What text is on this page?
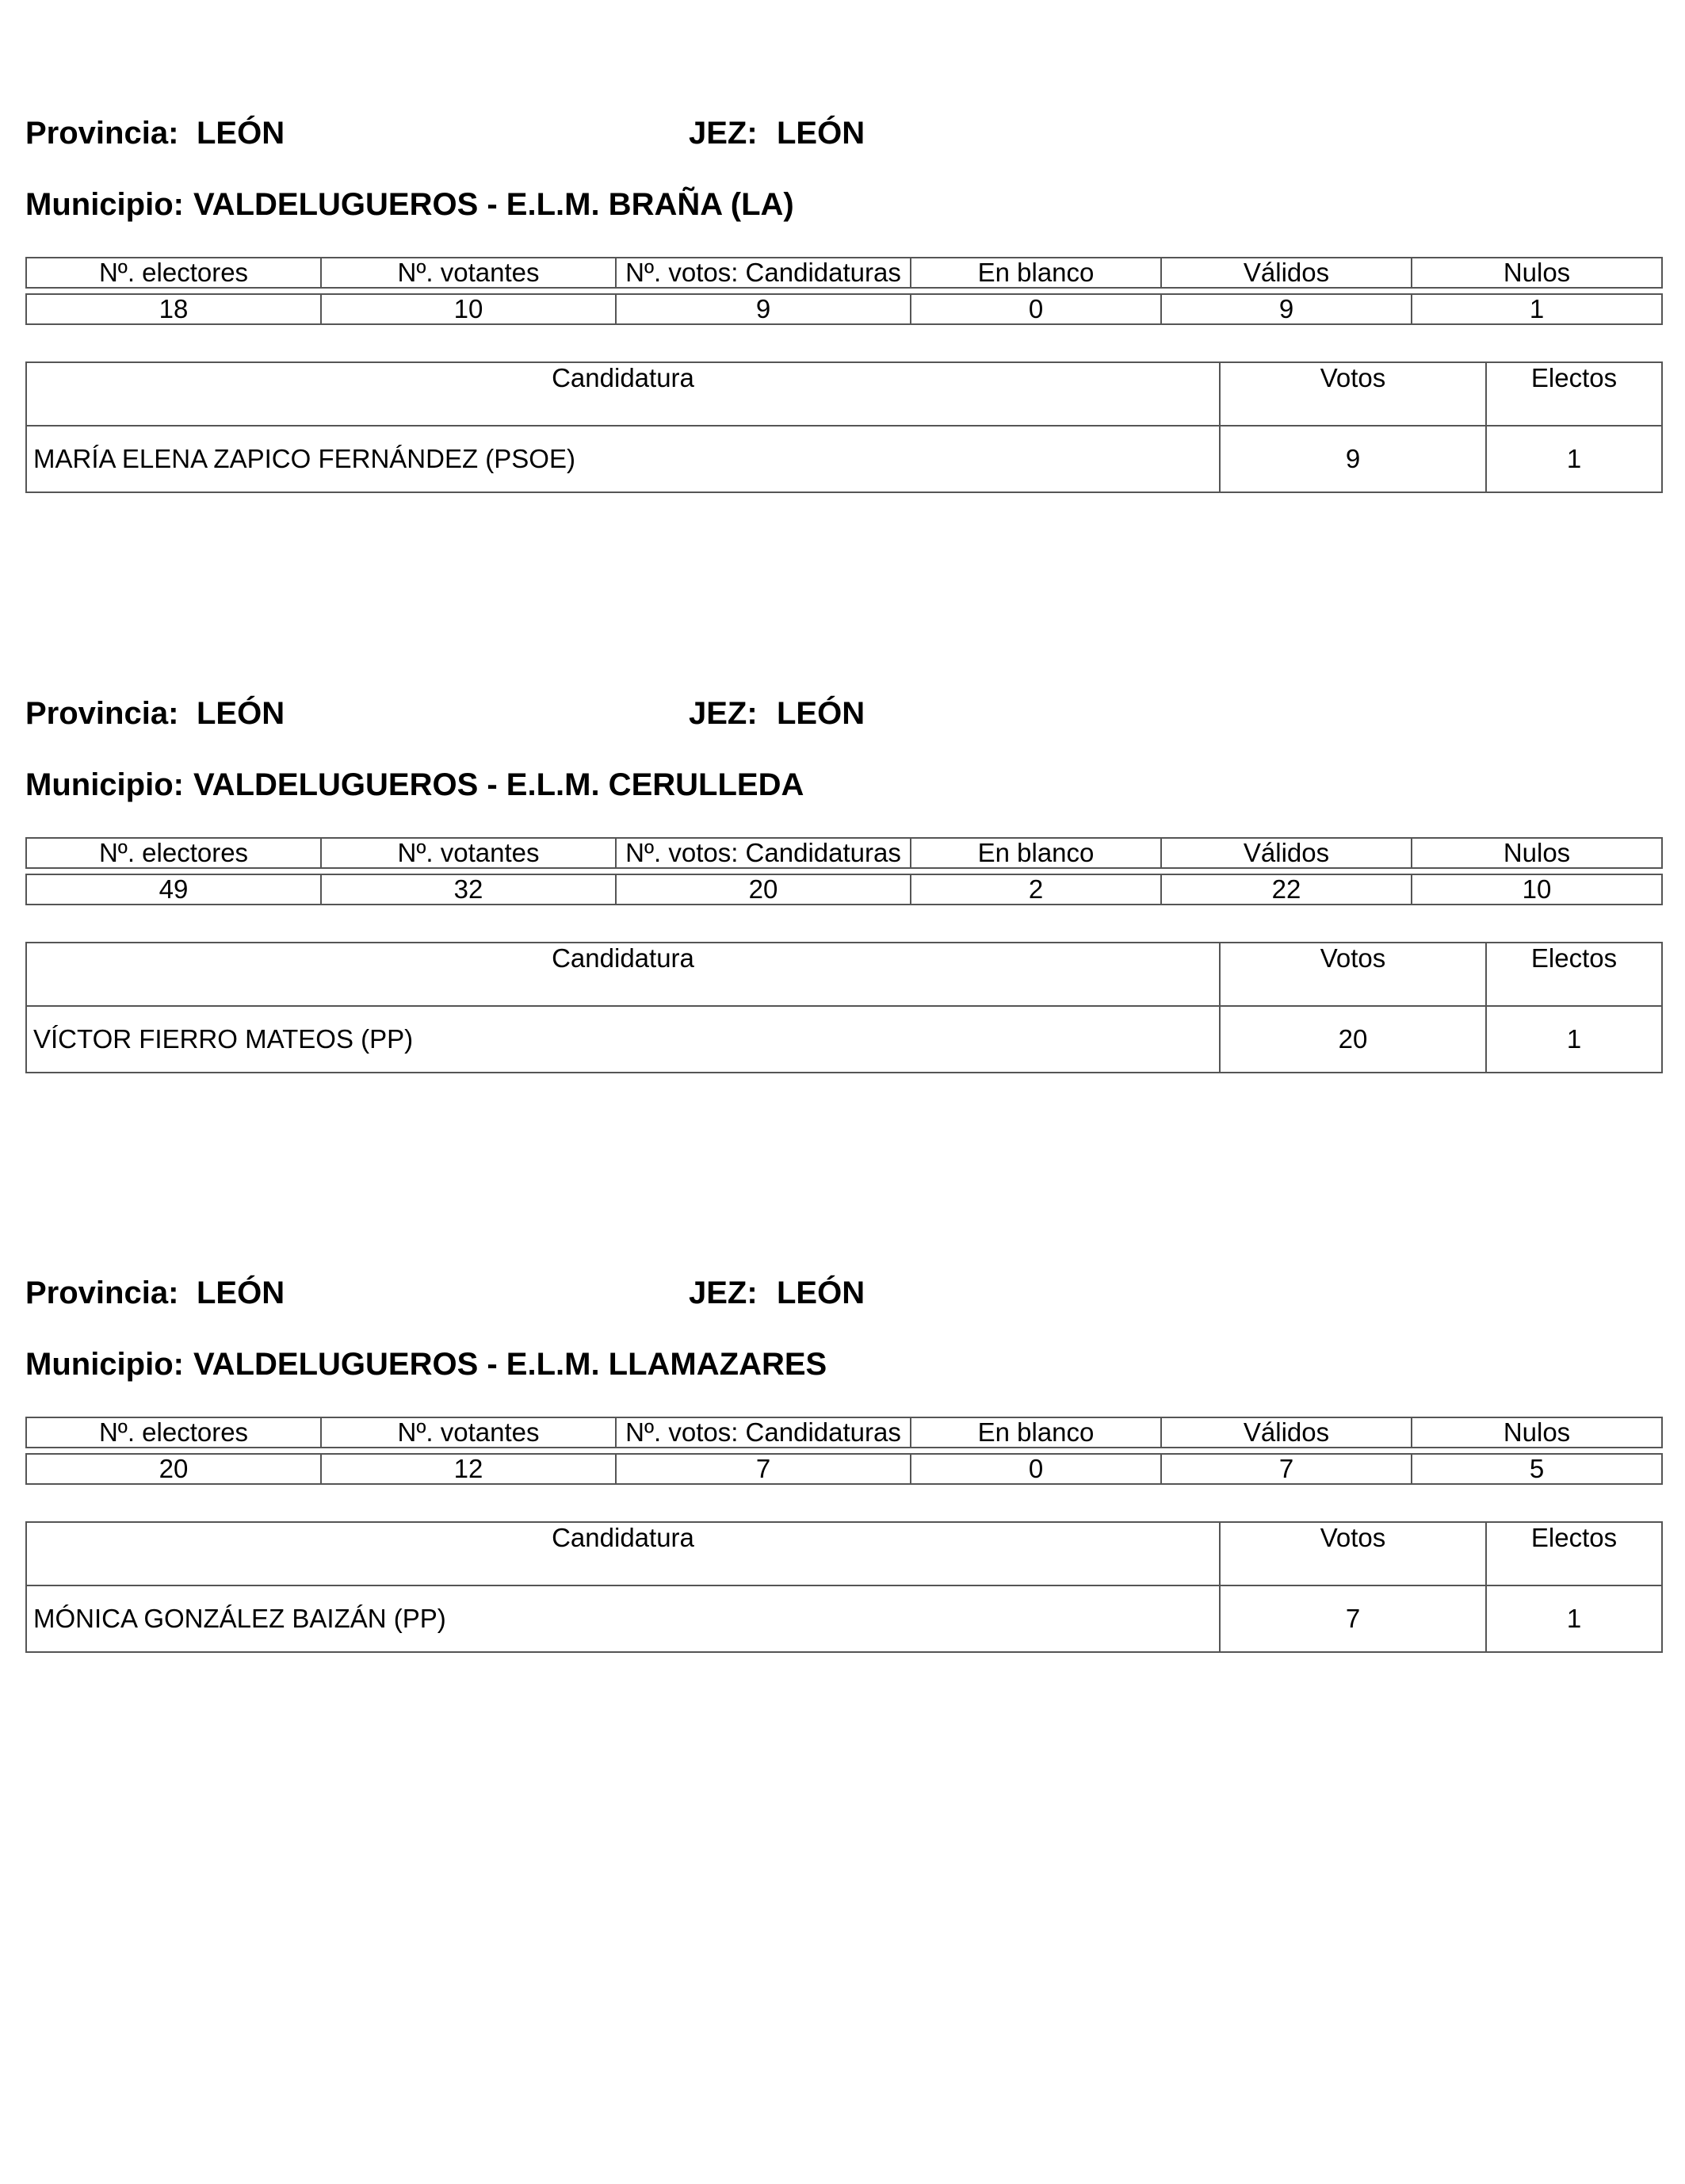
Provincia: LEÓN	JEZ: LEÓN
Municipio: VALDELUGUEROS - E.L.M. BRAÑA (LA)
Nº. electores	Nº. votantes	Nº. votos: Candidaturas	En blanco	Válidos	Nulos

18	10	9	0	9	1
Candidatura	Votos	Electos
MARÍA ELENA ZAPICO FERNÁNDEZ (PSOE)	9	1
Provincia: LEÓN	JEZ: LEÓN
Municipio: VALDELUGUEROS - E.L.M. CERULLEDA
Nº. electores	Nº. votantes	Nº. votos: Candidaturas	En blanco	Válidos	Nulos

49	32	20	2	22	10
Candidatura	Votos	Electos
VÍCTOR FIERRO MATEOS (PP)	20	1
Provincia: LEÓN	JEZ: LEÓN
Municipio: VALDELUGUEROS - E.L.M. LLAMAZARES
Nº. electores	Nº. votantes	Nº. votos: Candidaturas	En blanco	Válidos	Nulos

20	12	7	0	7	5
Candidatura	Votos	Electos
MÓNICA GONZÁLEZ BAIZÁN (PP)	7	1
